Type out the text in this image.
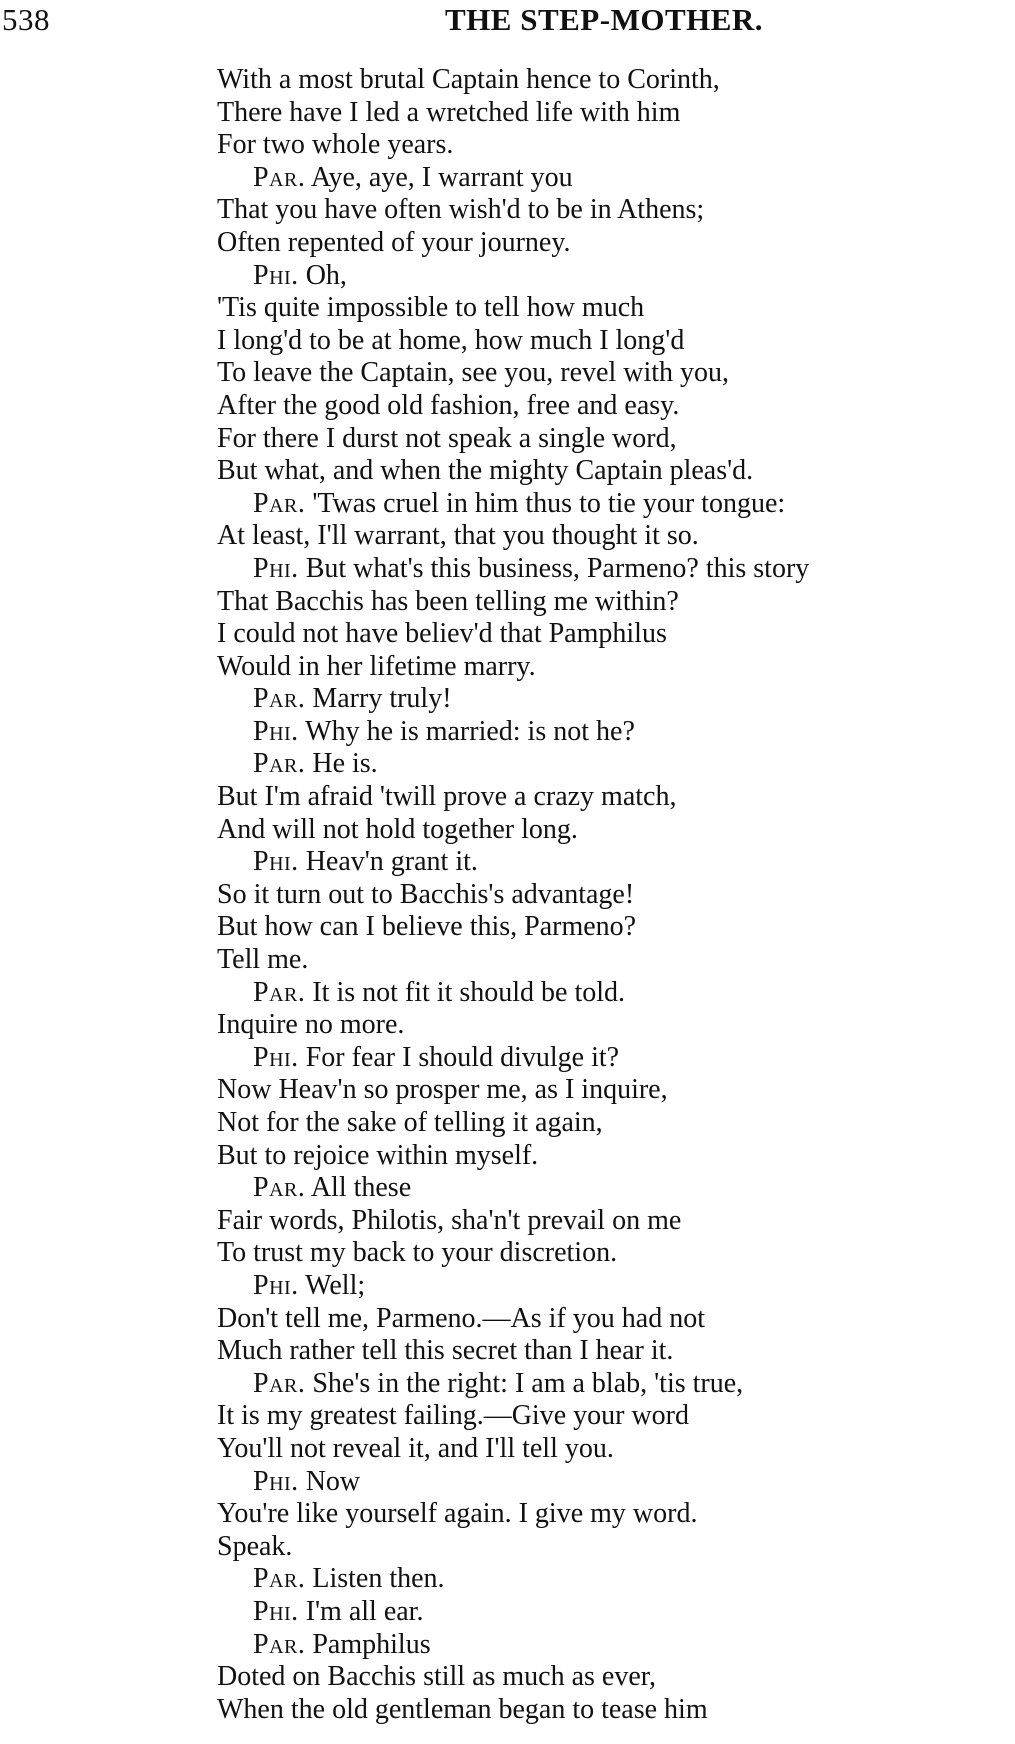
538	THE STEP-MOTHER.
With a most brutal Captain hence to Corinth,
There have I led a wretched life with him
For two whole years.
Par. Aye, aye, I warrant you
That you have often wish'd to be in Athens;
Often repented of your journey.
Phi. Oh,
'Tis quite impossible to tell how much
I long'd to be at home, how much I long'd
To leave the Captain, see you, revel with you,
After the good old fashion, free and easy.
For there I durst not speak a single word,
But what, and when the mighty Captain pleas'd.
Par. 'Twas cruel in him thus to tie your tongue:
At least, I'll warrant, that you thought it so.
Phi. But what's this business, Parmeno? this story
That Bacchis has been telling me within?
I could not have believ'd that Pamphilus
Would in her lifetime marry.
Par. Marry truly!
Phi. Why he is married: is not he?
Par. He is.
But I'm afraid 'twill prove a crazy match,
And will not hold together long.
Phi. Heav'n grant it.
So it turn out to Bacchis's advantage!
But how can I believe this, Parmeno?
Tell me.
Par. It is not fit it should be told.
Inquire no more.
Phi. For fear I should divulge it?
Now Heav'n so prosper me, as I inquire,
Not for the sake of telling it again,
But to rejoice within myself.
Par. All these
Fair words, Philotis, sha'n't prevail on me
To trust my back to your discretion.
Phi. Well;
Don't tell me, Parmeno.—As if you had not
Much rather tell this secret than I hear it.
Par. She's in the right: I am a blab, 'tis true,
It is my greatest failing.—Give your word
You'll not reveal it, and I'll tell you.
Phi. Now
You're like yourself again. I give my word.
Speak.
Par. Listen then.
Phi. I'm all ear.
Par. Pamphilus
Doted on Bacchis still as much as ever,
When the old gentleman began to tease him
